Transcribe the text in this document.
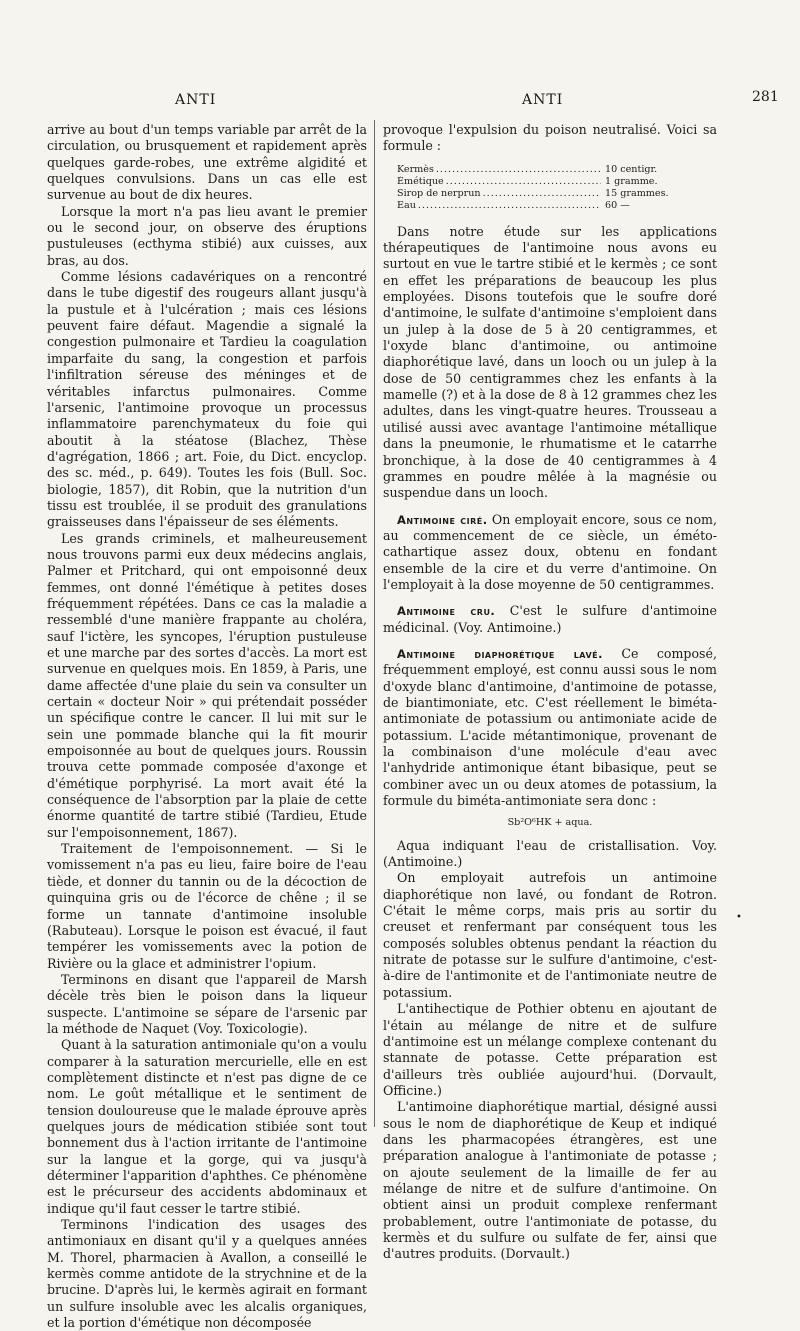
ANTI	ANTI	281

arrive au bout d'un temps variable par arrêt de la circulation, ou brusquement et rapidement après quelques garde-robes, une extrême algidité et quelques convulsions. Dans un cas elle est survenue au bout de dix heures.

Lorsque la mort n'a pas lieu avant le premier ou le second jour, on observe des éruptions pustuleuses (ecthyma stibié) aux cuisses, aux bras, au dos.

Comme lésions cadavériques on a rencontré dans le tube digestif des rougeurs allant jusqu'à la pustule et à l'ulcération ; mais ces lésions peuvent faire défaut. Magendie a signalé la congestion pulmonaire et Tardieu la coagulation imparfaite du sang, la congestion et parfois l'infiltration séreuse des méninges et de véritables infarctus pulmonaires. Comme l'arsenic, l'antimoine provoque un processus inflammatoire parenchymateux du foie qui aboutit à la stéatose (Blachez, Thèse d'agrégation, 1866 ; art. Foie, du Dict. encyclop. des sc. méd., p. 649). Toutes les fois (Bull. Soc. biologie, 1857), dit Robin, que la nutrition d'un tissu est troublée, il se produit des granulations graisseuses dans l'épaisseur de ses éléments.

Les grands criminels, et malheureusement nous trouvons parmi eux deux médecins anglais, Palmer et Pritchard, qui ont empoisonné deux femmes, ont donné l'émétique à petites doses fréquemment répétées. Dans ce cas la maladie a ressemblé d'une manière frappante au choléra, sauf l'ictère, les syncopes, l'éruption pustuleuse et une marche par des sortes d'accès. La mort est survenue en quelques mois. En 1859, à Paris, une dame affectée d'une plaie du sein va consulter un certain « docteur Noir » qui prétendait posséder un spécifique contre le cancer. Il lui mit sur le sein une pommade blanche qui la fit mourir empoisonnée au bout de quelques jours. Roussin trouva cette pommade composée d'axonge et d'émétique porphyrisé. La mort avait été la conséquence de l'absorption par la plaie de cette énorme quantité de tartre stibié (Tardieu, Etude sur l'empoisonnement, 1867).

Traitement de l'empoisonnement. — Si le vomissement n'a pas eu lieu, faire boire de l'eau tiède, et donner du tannin ou de la décoction de quinquina gris ou de l'écorce de chêne ; il se forme un tannate d'antimoine insoluble (Rabuteau). Lorsque le poison est évacué, il faut tempérer les vomissements avec la potion de Rivière ou la glace et administrer l'opium.

Terminons en disant que l'appareil de Marsh décèle très bien le poison dans la liqueur suspecte. L'antimoine se sépare de l'arsenic par la méthode de Naquet (Voy. Toxicologie).

Quant à la saturation antimoniale qu'on a voulu comparer à la saturation mercurielle, elle en est complètement distincte et n'est pas digne de ce nom. Le goût métallique et le sentiment de tension douloureuse que le malade éprouve après quelques jours de médication stibiée sont tout bonnement dus à l'action irritante de l'antimoine sur la langue et la gorge, qui va jusqu'à déterminer l'apparition d'aphthes. Ce phénomène est le précurseur des accidents abdominaux et indique qu'il faut cesser le tartre stibié.

Terminons l'indication des usages des antimoniaux en disant qu'il y a quelques années M. Thorel, pharmacien à Avallon, a conseillé le kermès comme antidote de la strychnine et de la brucine. D'après lui, le kermès agirait en formant un sulfure insoluble avec les alcalis organiques, et la portion d'émétique non décomposée

provoque l'expulsion du poison neutralisé. Voici sa formule :

Kermès .....	10 centigr.
Émétique .....	1 gramme.
Sirop de nerprun .....	15 grammes.
Eau .....	60 —

Dans notre étude sur les applications thérapeutiques de l'antimoine nous avons eu surtout en vue le tartre stibié et le kermès ; ce sont en effet les préparations de beaucoup les plus employées. Disons toutefois que le soufre doré d'antimoine, le sulfate d'antimoine s'emploient dans un julep à la dose de 5 à 20 centigrammes, et l'oxyde blanc d'antimoine, ou antimoine diaphorétique lavé, dans un looch ou un julep à la dose de 50 centigrammes chez les enfants à la mamelle (?) et à la dose de 8 à 12 grammes chez les adultes, dans les vingt-quatre heures. Trousseau a utilisé aussi avec avantage l'antimoine métallique dans la pneumonie, le rhumatisme et le catarrhe bronchique, à la dose de 40 centigrammes à 4 grammes en poudre mêlée à la magnésie ou suspendue dans un looch.

Antimoine ciré. On employait encore, sous ce nom, au commencement de ce siècle, un éméto-cathartique assez doux, obtenu en fondant ensemble de la cire et du verre d'antimoine. On l'employait à la dose moyenne de 50 centigrammes.

Antimoine cru. C'est le sulfure d'antimoine médicinal. (Voy. Antimoine.)

Antimoine diaphorétique lavé. Ce composé, fréquemment employé, est connu aussi sous le nom d'oxyde blanc d'antimoine, d'antimoine de potasse, de biantimoniate, etc. C'est réellement le biméta-antimoniate de potassium ou antimoniate acide de potassium. L'acide métantimonique, provenant de la combinaison d'une molécule d'eau avec l'anhydride antimonique étant bibasique, peut se combiner avec un ou deux atomes de potassium, la formule du biméta-antimoniate sera donc :

Sb²O⁶HK + aqua.

Aqua indiquant l'eau de cristallisation. Voy. (Antimoine.)

On employait autrefois un antimoine diaphorétique non lavé, ou fondant de Rotron. C'était le même corps, mais pris au sortir du creuset et renfermant par conséquent tous les composés solubles obtenus pendant la réaction du nitrate de potasse sur le sulfure d'antimoine, c'est-à-dire de l'antimonite et de l'antimoniate neutre de potassium.

L'antihectique de Pothier obtenu en ajoutant de l'étain au mélange de nitre et de sulfure d'antimoine est un mélange complexe contenant du stannate de potasse. Cette préparation est d'ailleurs très oubliée aujourd'hui. (Dorvault, Officine.)

L'antimoine diaphorétique martial, désigné aussi sous le nom de diaphorétique de Keup et indiqué dans les pharmacopées étrangères, est une préparation analogue à l'antimoniate de potasse ; on ajoute seulement de la limaille de fer au mélange de nitre et de sulfure d'antimoine. On obtient ainsi un produit complexe renfermant probablement, outre l'antimoniate de potasse, du kermès et du sulfure ou sulfate de fer, ainsi que d'autres produits. (Dorvault.)

•
